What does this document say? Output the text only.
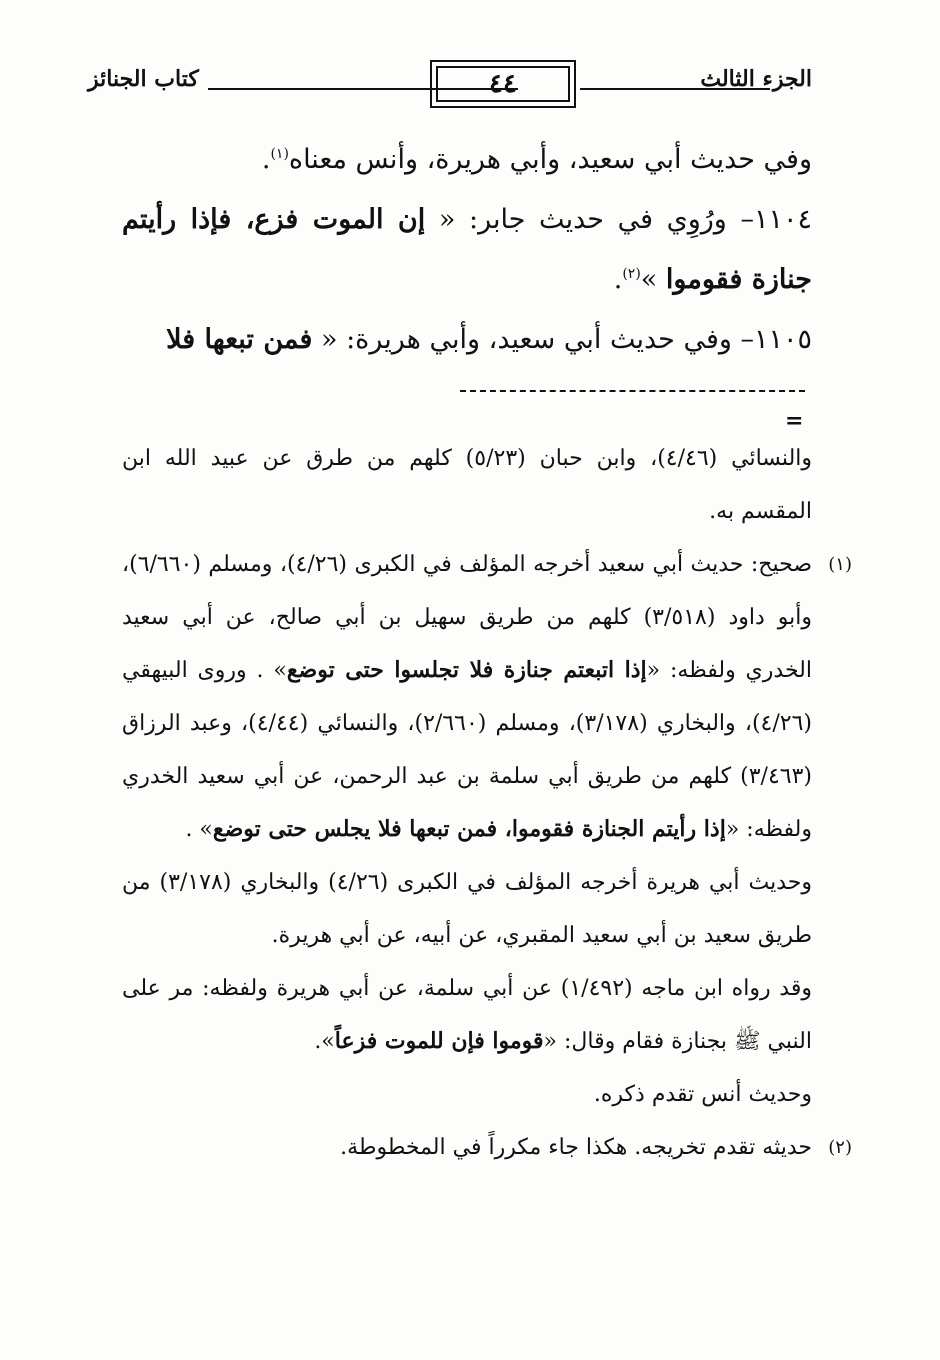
كتاب الجنائز	٤٤	الجزء الثالث

وفي حديث أبي سعيد، وأبي هريرة، وأنس معناه$^{(١)}$.

١١٠٤– ورُوِي في حديث جابر: « إن الموت فزع، فإذا رأيتم جنازة فقوموا »$^{(٢)}$.

١١٠٥– وفي حديث أبي سعيد، وأبي هريرة: « فمن تبعها فلا

=

والنسائي (٤/٤٦)، وابن حبان (٥/٢٣) كلهم من طرق عن عبيد الله ابن المقسم به.

(١)
صحيح: حديث أبي سعيد أخرجه المؤلف في الكبرى (٤/٢٦)، ومسلم (٦/٦٦٠)، وأبو داود (٣/٥١٨) كلهم من طريق سهيل بن أبي صالح، عن أبي سعيد الخدري ولفظه: «إذا اتبعتم جنازة فلا تجلسوا حتى توضع» . وروى البيهقي (٤/٢٦)، والبخاري (٣/١٧٨)، ومسلم (٢/٦٦٠)، والنسائي (٤/٤٤)، وعبد الرزاق (٣/٤٦٣) كلهم من طريق أبي سلمة بن عبد الرحمن، عن أبي سعيد الخدري ولفظه: «إذا رأيتم الجنازة فقوموا، فمن تبعها فلا يجلس حتى توضع» .

وحديث أبي هريرة أخرجه المؤلف في الكبرى (٤/٢٦) والبخاري (٣/١٧٨) من طريق سعيد بن أبي سعيد المقبري، عن أبيه، عن أبي هريرة.

وقد رواه ابن ماجه (١/٤٩٢) عن أبي سلمة، عن أبي هريرة ولفظه: مر على النبي ﷺ بجنازة فقام وقال: «قوموا فإن للموت فزعاً».

وحديث أنس تقدم ذكره.

(٢)
حديثه تقدم تخريجه. هكذا جاء مكرراً في المخطوطة.
